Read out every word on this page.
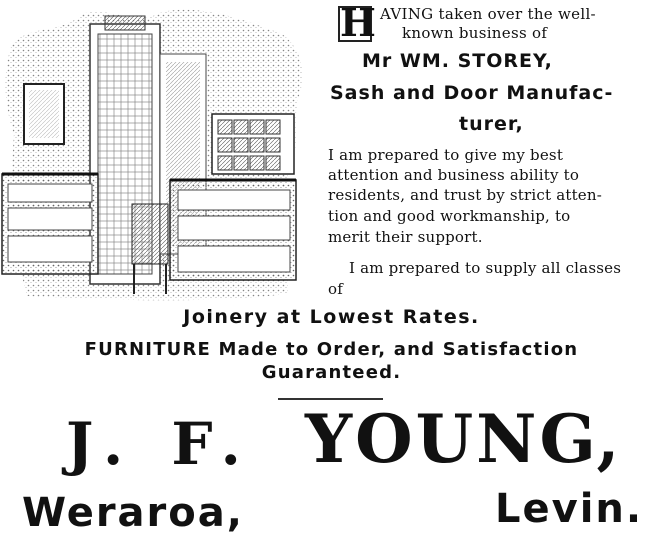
H AVING taken over the well-
known business of
Mr WM. STOREY,
Sash and Door Manufac-
turer,
I am prepared to give my best
attention and business ability to
residents, and trust by strict atten-
tion and good workmanship, to
merit their support.
I am prepared to supply all classes
of
Joinery at Lowest Rates.
FURNITURE Made to Order, and Satisfaction
Guaranteed.
J. F. YOUNG,
Weraroa,	Levin.
